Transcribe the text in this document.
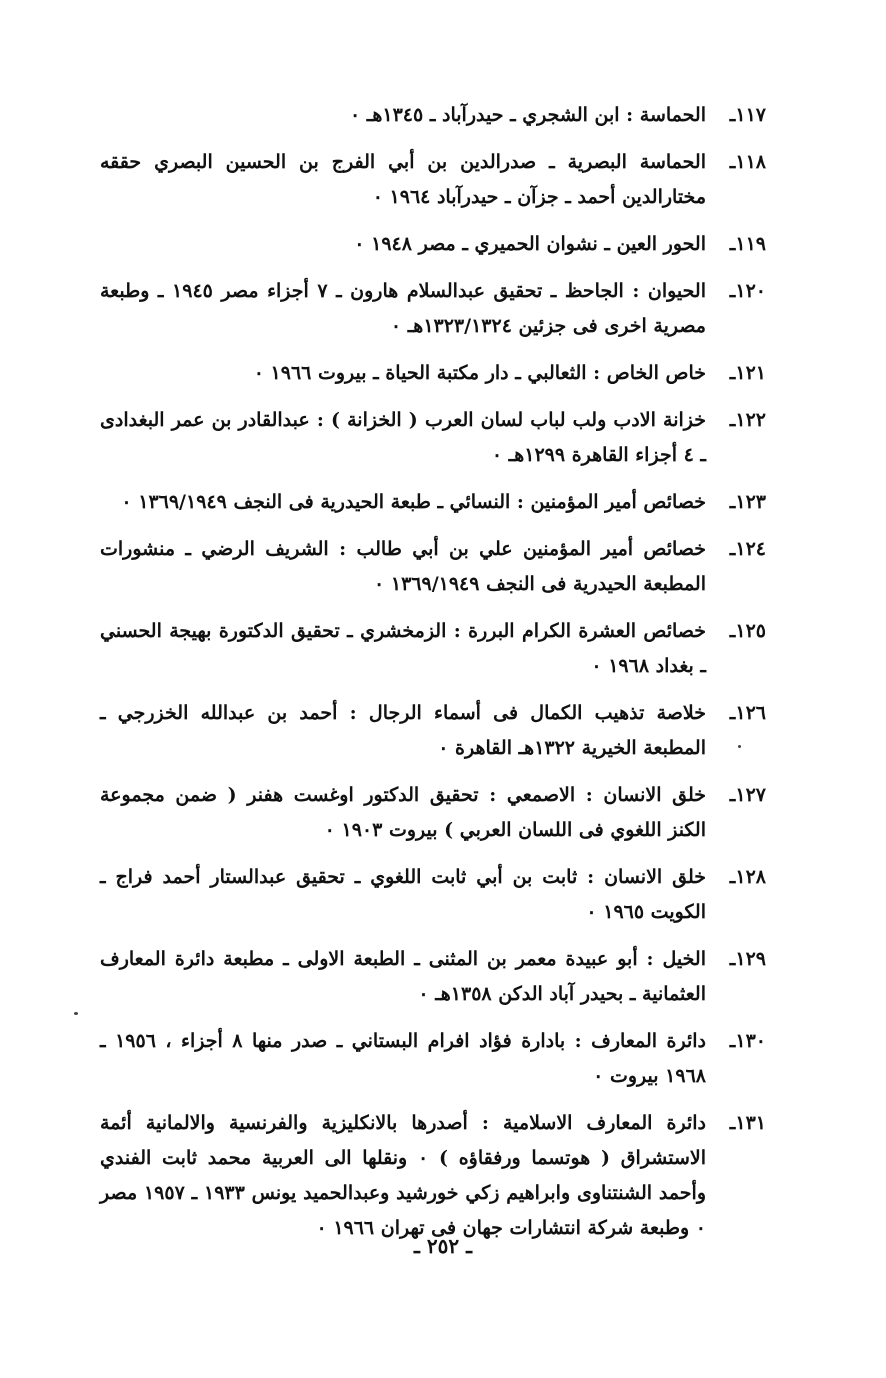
١١٧ـ
الحماسة : ابن الشجري ـ حيدرآباد ـ ١٣٤٥هـ ٠
١١٨ـ
الحماسة البصرية ـ صدرالدين بن أبي الفرج بن الحسين البصري حققه مختارالدين أحمد ـ جزآن ـ حيدرآباد ١٩٦٤ ٠
١١٩ـ
الحور العين ـ نشوان الحميري ـ مصر ١٩٤٨ ٠
١٢٠ـ
الحيوان : الجاحظ ـ تحقيق عبدالسلام هارون ـ ٧ أجزاء مصر ١٩٤٥ ـ وطبعة مصرية اخرى فى جزئين ١٣٢٣/١٣٢٤هـ ٠
١٢١ـ
خاص الخاص : الثعالبي ـ دار مكتبة الحياة ـ بيروت ١٩٦٦ ٠
١٢٢ـ
خزانة الادب ولب لباب لسان العرب ( الخزانة ) : عبدالقادر بن عمر البغدادى ـ ٤ أجزاء القاهرة ١٢٩٩هـ ٠
١٢٣ـ
خصائص أمير المؤمنين : النسائي ـ طبعة الحيدرية فى النجف ١٣٦٩/١٩٤٩ ٠
١٢٤ـ
خصائص أمير المؤمنين علي بن أبي طالب : الشريف الرضي ـ منشورات المطبعة الحيدرية فى النجف ١٣٦٩/١٩٤٩ ٠
١٢٥ـ
خصائص العشرة الكرام البررة : الزمخشري ـ تحقيق الدكتورة بهيجة الحسني ـ بغداد ١٩٦٨ ٠
١٢٦ـ
خلاصة تذهيب الكمال فى أسماء الرجال : أحمد بن عبدالله الخزرجي ـ المطبعة الخيرية ١٣٢٢هـ القاهرة ٠
١٢٧ـ
خلق الانسان : الاصمعي : تحقيق الدكتور اوغست هفنر ( ضمن مجموعة الكنز اللغوي فى اللسان العربي ) بيروت ١٩٠٣ ٠
١٢٨ـ
خلق الانسان : ثابت بن أبي ثابت اللغوي ـ تحقيق عبدالستار أحمد فراج ـ الكويت ١٩٦٥ ٠
١٢٩ـ
الخيل : أبو عبيدة معمر بن المثنى ـ الطبعة الاولى ـ مطبعة دائرة المعارف العثمانية ـ بحيدر آباد الدكن ١٣٥٨هـ ٠
١٣٠ـ
دائرة المعارف : بادارة فؤاد افرام البستاني ـ صدر منها ٨ أجزاء ، ١٩٥٦ ـ ١٩٦٨ بيروت ٠
١٣١ـ
دائرة المعارف الاسلامية : أصدرها بالانكليزية والفرنسية والالمانية أئمة الاستشراق ( هوتسما ورفقاؤه ) ٠ ونقلها الى العربية محمد ثابت الفندي وأحمد الشنتناوى وابراهيم زكي خورشيد وعبدالحميد يونس ١٩٣٣ ـ ١٩٥٧ مصر ٠ وطبعة شركة انتشارات جهان فى تهران ١٩٦٦ ٠
ـ ٢٥٢ ـ
